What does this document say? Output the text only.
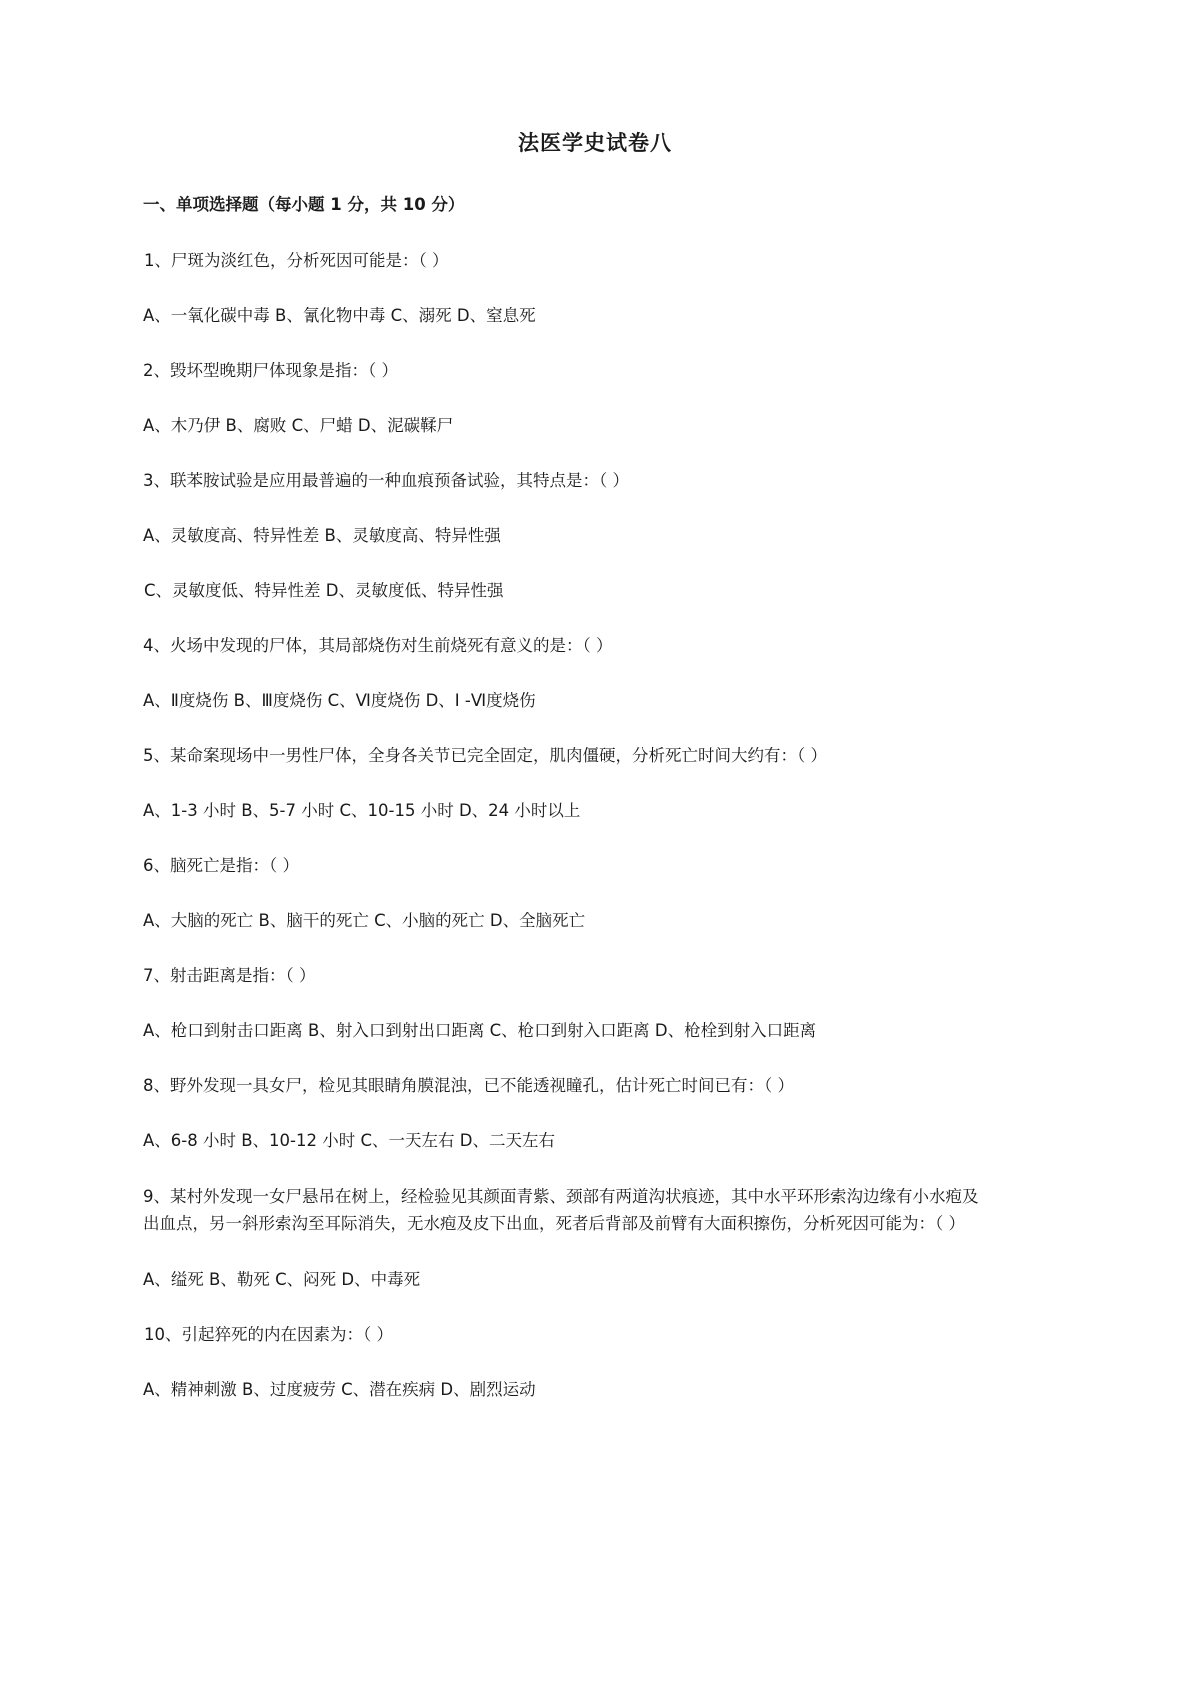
法医学史试卷八
一、单项选择题（每小题 1 分，共 10 分）
1、尸斑为淡红色，分析死因可能是：（ ）
A、一氧化碳中毒 B、氰化物中毒 C、溺死 D、窒息死
2、毁坏型晚期尸体现象是指：（ ）
A、木乃伊 B、腐败 C、尸蜡 D、泥碳鞣尸
3、联苯胺试验是应用最普遍的一种血痕预备试验，其特点是：（ ）
A、灵敏度高、特异性差 B、灵敏度高、特异性强
C、灵敏度低、特异性差 D、灵敏度低、特异性强
4、火场中发现的尸体，其局部烧伤对生前烧死有意义的是：（ ）
A、Ⅱ度烧伤 B、Ⅲ度烧伤 C、Ⅵ度烧伤 D、Ⅰ -Ⅵ度烧伤
5、某命案现场中一男性尸体，全身各关节已完全固定，肌肉僵硬，分析死亡时间大约有：（ ）
A、1-3 小时 B、5-7 小时 C、10-15 小时 D、24 小时以上
6、脑死亡是指：（ ）
A、大脑的死亡 B、脑干的死亡 C、小脑的死亡 D、全脑死亡
7、射击距离是指：（ ）
A、枪口到射击口距离 B、射入口到射出口距离 C、枪口到射入口距离 D、枪栓到射入口距离
8、野外发现一具女尸，检见其眼睛角膜混浊，已不能透视瞳孔，估计死亡时间已有：（ ）
A、6-8 小时 B、10-12 小时 C、一天左右 D、二天左右
9、某村外发现一女尸悬吊在树上，经检验见其颜面青紫、颈部有两道沟状痕迹，其中水平环形索沟边缘有小水疱及
出血点，另一斜形索沟至耳际消失，无水疱及皮下出血，死者后背部及前臂有大面积擦伤，分析死因可能为：（ ）
A、缢死 B、勒死 C、闷死 D、中毒死
10、引起猝死的内在因素为：（ ）
A、精神刺激 B、过度疲劳 C、潜在疾病 D、剧烈运动
